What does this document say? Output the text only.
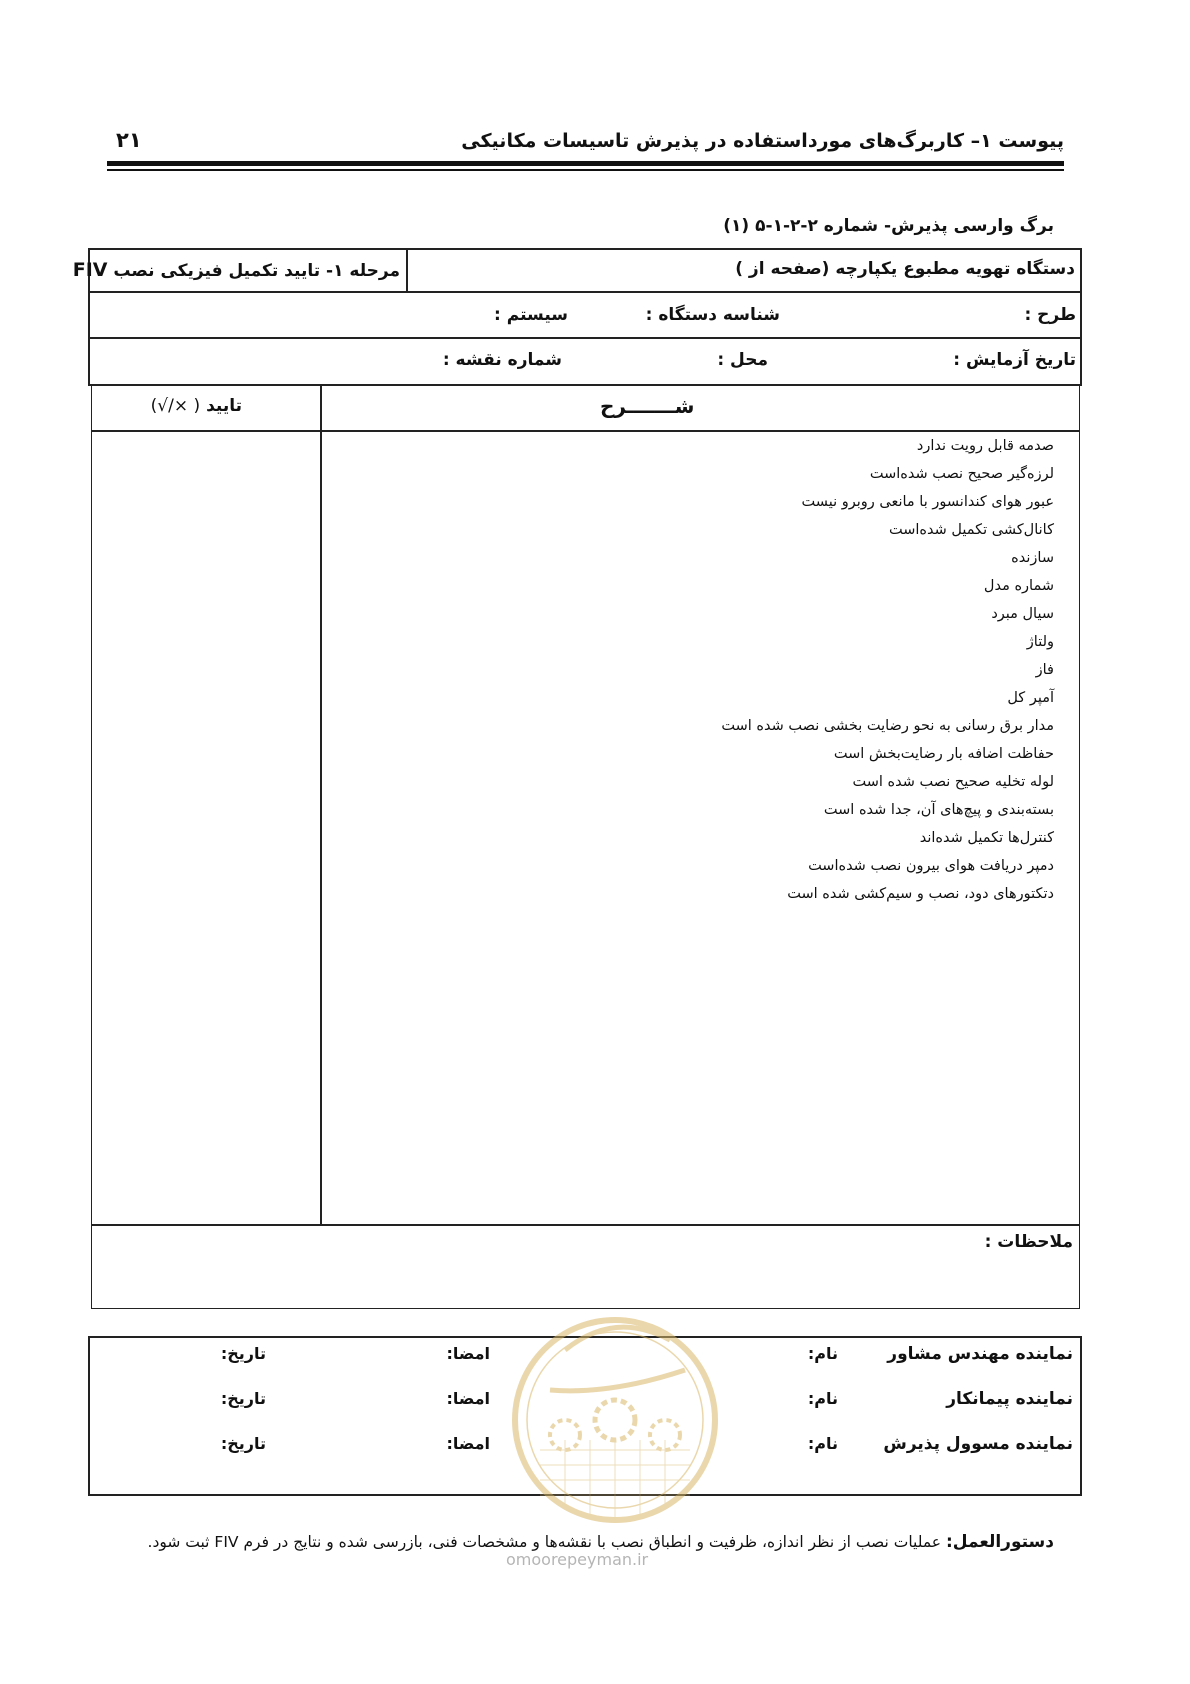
پیوست ۱– کاربرگ‌های مورداستفاده در پذیرش تاسیسات مکانیکی
۲۱
برگ وارسی پذیرش- شماره ۲-۲-۱-۵ (۱)
دستگاه تهویه مطبوع یکپارچه (صفحه از )
مرحله ۱- تایید تکمیل فیزیکی نصب FIV
طرح :
شناسه دستگاه :
سیستم :
تاریخ آزمایش :
محل :
شماره نقشه :
شـــــــرح
تایید ( ×/√)
صدمه قابل رویت ندارد
لرزه‌گیر صحیح نصب شده‌است
عبور هوای کندانسور با مانعی روبرو نیست
کانال‌کشی تکمیل شده‌است
سازنده
شماره مدل
سیال مبرد
ولتاژ
فاز
آمپر کل
مدار برق رسانی به نحو رضایت بخشی نصب شده است
حفاظت اضافه بار رضایت‌بخش است
لوله تخلیه صحیح نصب شده است
بسته‌بندی و پیچ‌های آن، جدا شده است
کنترل‌ها تکمیل شده‌اند
دمپر دریافت هوای بیرون نصب شده‌است
دتکتورهای دود، نصب و سیم‌کشی شده است
ملاحظات :
نماینده مهندس مشاور
نام:
امضا:
تاریخ:
نماینده پیمانکار
نام:
امضا:
تاریخ:
نماینده مسوول پذیرش
نام:
امضا:
تاریخ:
omoorepeyman.ir
دستورالعمل: عملیات نصب از نظر اندازه، ظرفیت و انطباق نصب با نقشه‌ها و مشخصات فنی، بازرسی شده و نتایج در فرم FIV ثبت شود.
